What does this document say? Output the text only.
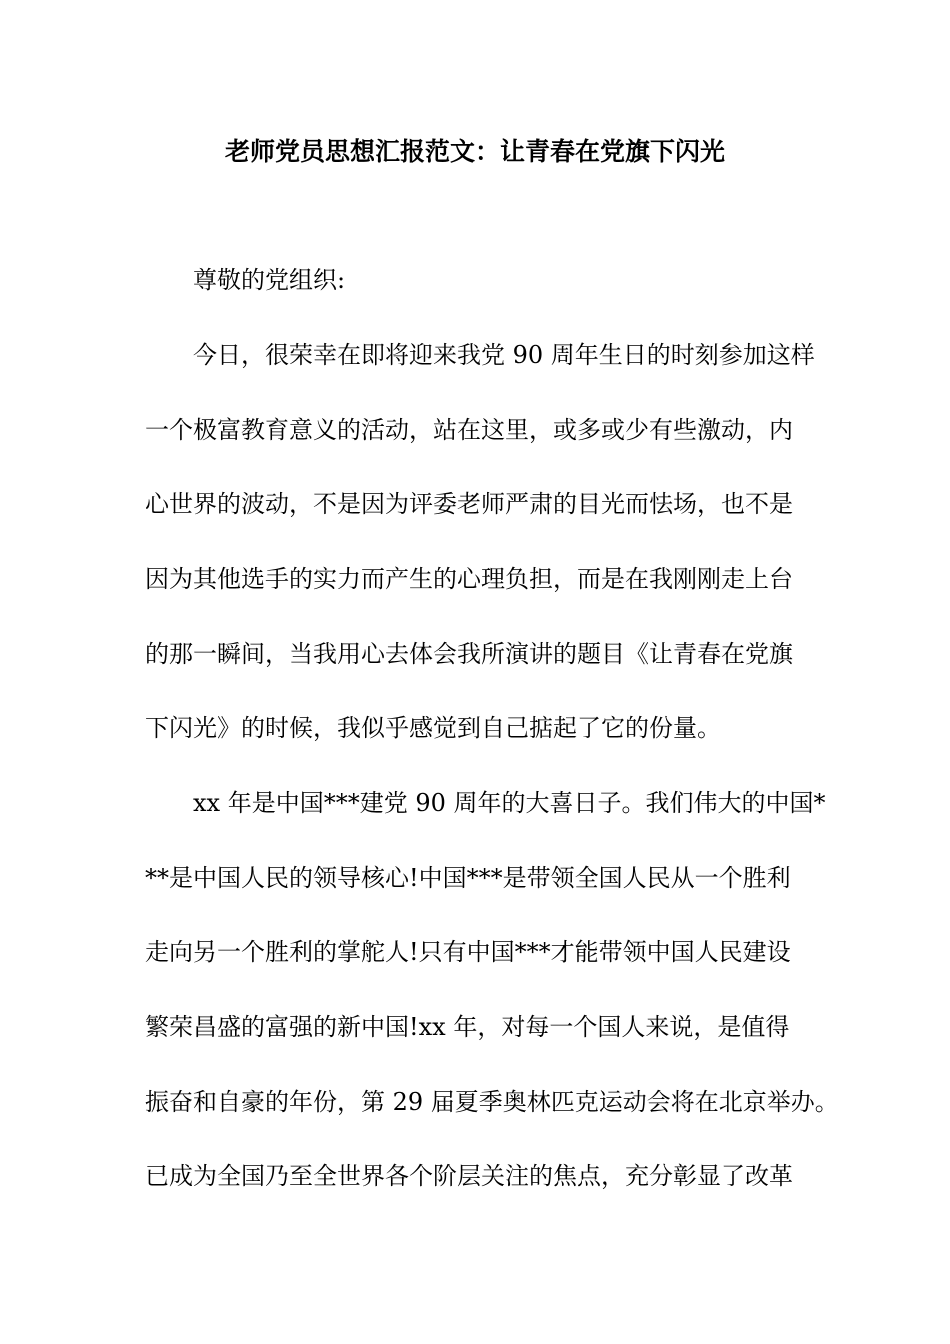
老师党员思想汇报范文：让青春在党旗下闪光

尊敬的党组织:

今日，很荣幸在即将迎来我党 90 周年生日的时刻参加这样

一个极富教育意义的活动，站在这里，或多或少有些激动，内

心世界的波动，不是因为评委老师严肃的目光而怯场，也不是

因为其他选手的实力而产生的心理负担，而是在我刚刚走上台

的那一瞬间，当我用心去体会我所演讲的题目《让青春在党旗

下闪光》的时候，我似乎感觉到自己掂起了它的份量。

xx 年是中国***建党 90 周年的大喜日子。我们伟大的中国*

**是中国人民的领导核心!中国***是带领全国人民从一个胜利

走向另一个胜利的掌舵人!只有中国***才能带领中国人民建设

繁荣昌盛的富强的新中国!xx 年，对每一个国人来说，是值得

振奋和自豪的年份，第 29 届夏季奥林匹克运动会将在北京举办。

已成为全国乃至全世界各个阶层关注的焦点，充分彰显了改革
